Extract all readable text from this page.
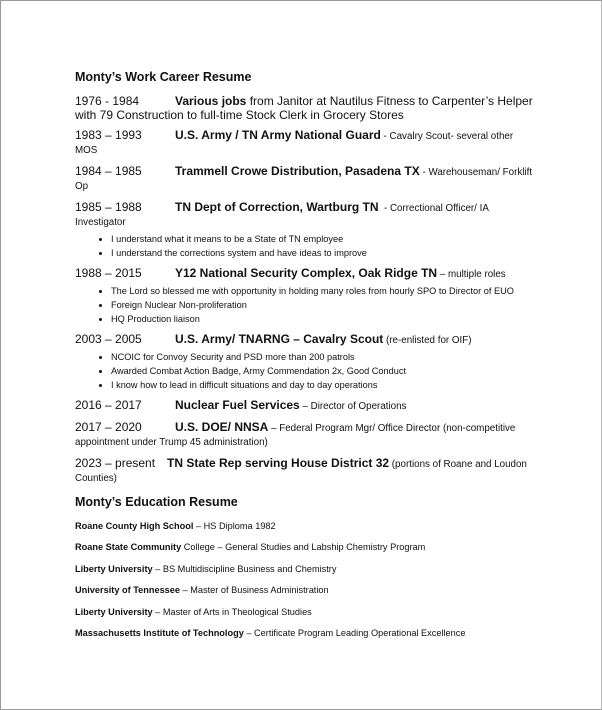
Monty’s Work Career Resume
1976 - 1984	Various jobs from Janitor at Nautilus Fitness to Carpenter’s Helper
with 79 Construction to full-time Stock Clerk in Grocery Stores
1983 – 1993	U.S. Army / TN Army National Guard - Cavalry Scout- several other
MOS
1984 – 1985	Trammell Crowe Distribution, Pasadena TX - Warehouseman/ Forklift
Op
1985 – 1988	TN Dept of Correction, Wartburg TN  - Correctional Officer/ IA
Investigator
• I understand what it means to be a State of TN employee
• I understand the corrections system and have ideas to improve
1988 – 2015	Y12 National Security Complex, Oak Ridge TN – multiple roles
• The Lord so blessed me with opportunity in holding many roles from hourly SPO to Director of EUO
• Foreign Nuclear Non-proliferation
• HQ Production liaison
2003 – 2005	U.S. Army/ TNARNG – Cavalry Scout (re-enlisted for OIF)
• NCOIC for Convoy Security and PSD more than 200 patrols
• Awarded Combat Action Badge, Army Commendation 2x, Good Conduct
• I know how to lead in difficult situations and day to day operations
2016 – 2017	Nuclear Fuel Services – Director of Operations
2017 – 2020	U.S. DOE/ NNSA – Federal Program Mgr/ Office Director (non-competitive
appointment under Trump 45 administration)
2023 – present TN State Rep serving House District 32 (portions of Roane and Loudon
Counties)
Monty’s Education Resume
Roane County High School – HS Diploma 1982
Roane State Community College – General Studies and Labship Chemistry Program
Liberty University – BS Multidiscipline Business and Chemistry
University of Tennessee – Master of Business Administration
Liberty University – Master of Arts in Theological Studies
Massachusetts Institute of Technology – Certificate Program Leading Operational Excellence
